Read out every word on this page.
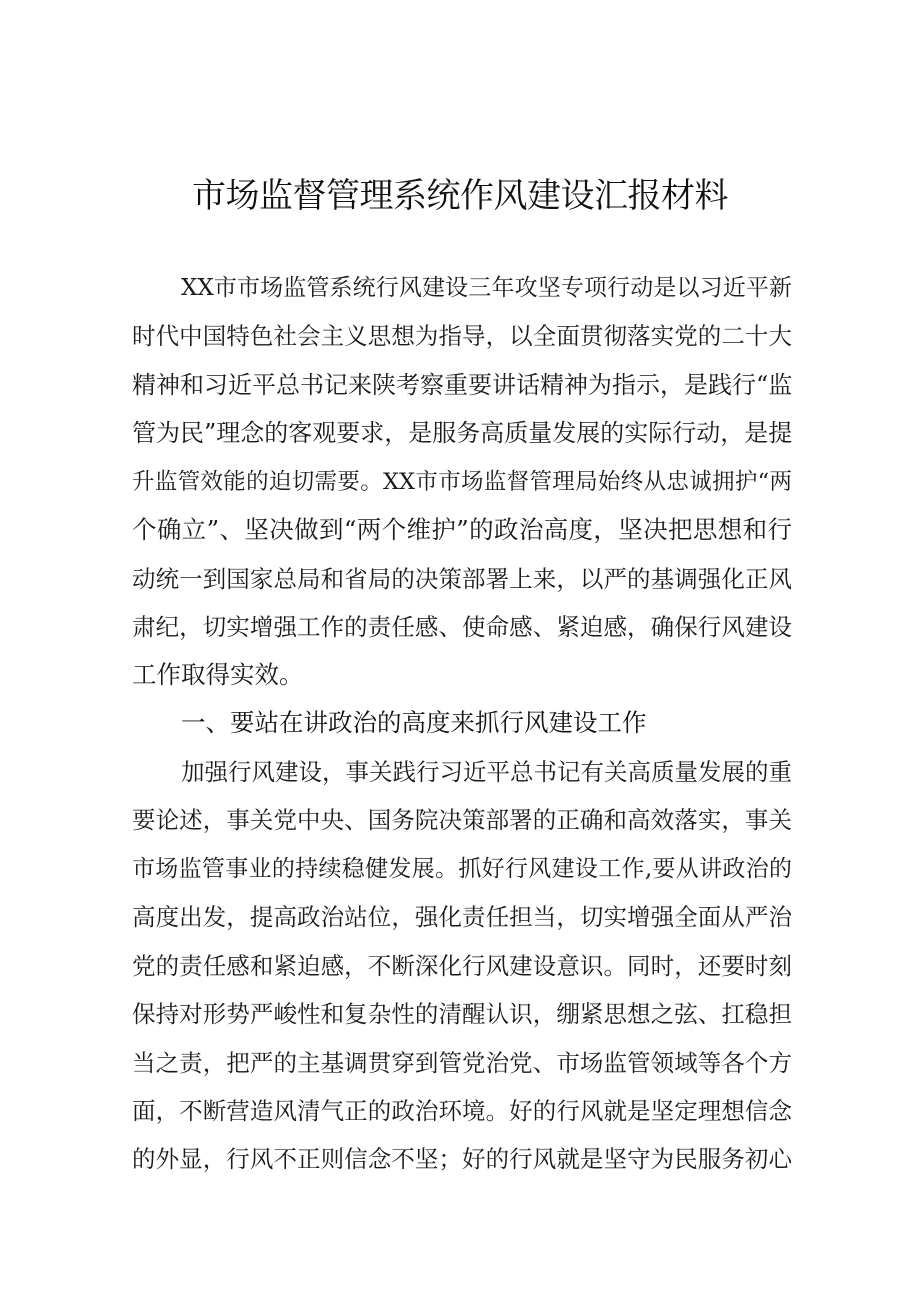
市场监督管理系统作风建设汇报材料
XX市市场监管系统行风建设三年攻坚专项行动是以习近平新
时代中国特色社会主义思想为指导，以全面贯彻落实党的二十大
精神和习近平总书记来陕考察重要讲话精神为指示，是践行“监
管为民”理念的客观要求，是服务高质量发展的实际行动，是提
升监管效能的迫切需要。XX市市场监督管理局始终从忠诚拥护“两
个确立”、坚决做到“两个维护”的政治高度，坚决把思想和行
动统一到国家总局和省局的决策部署上来，以严的基调强化正风
肃纪，切实增强工作的责任感、使命感、紧迫感，确保行风建设
工作取得实效。
一、要站在讲政治的高度来抓行风建设工作
加强行风建设，事关践行习近平总书记有关高质量发展的重
要论述，事关党中央、国务院决策部署的正确和高效落实，事关
市场监管事业的持续稳健发展。抓好行风建设工作,要从讲政治的
高度出发，提高政治站位，强化责任担当，切实增强全面从严治
党的责任感和紧迫感，不断深化行风建设意识。同时，还要时刻
保持对形势严峻性和复杂性的清醒认识，绷紧思想之弦、扛稳担
当之责，把严的主基调贯穿到管党治党、市场监管领域等各个方
面，不断营造风清气正的政治环境。好的行风就是坚定理想信念
的外显，行风不正则信念不坚；好的行风就是坚守为民服务初心
